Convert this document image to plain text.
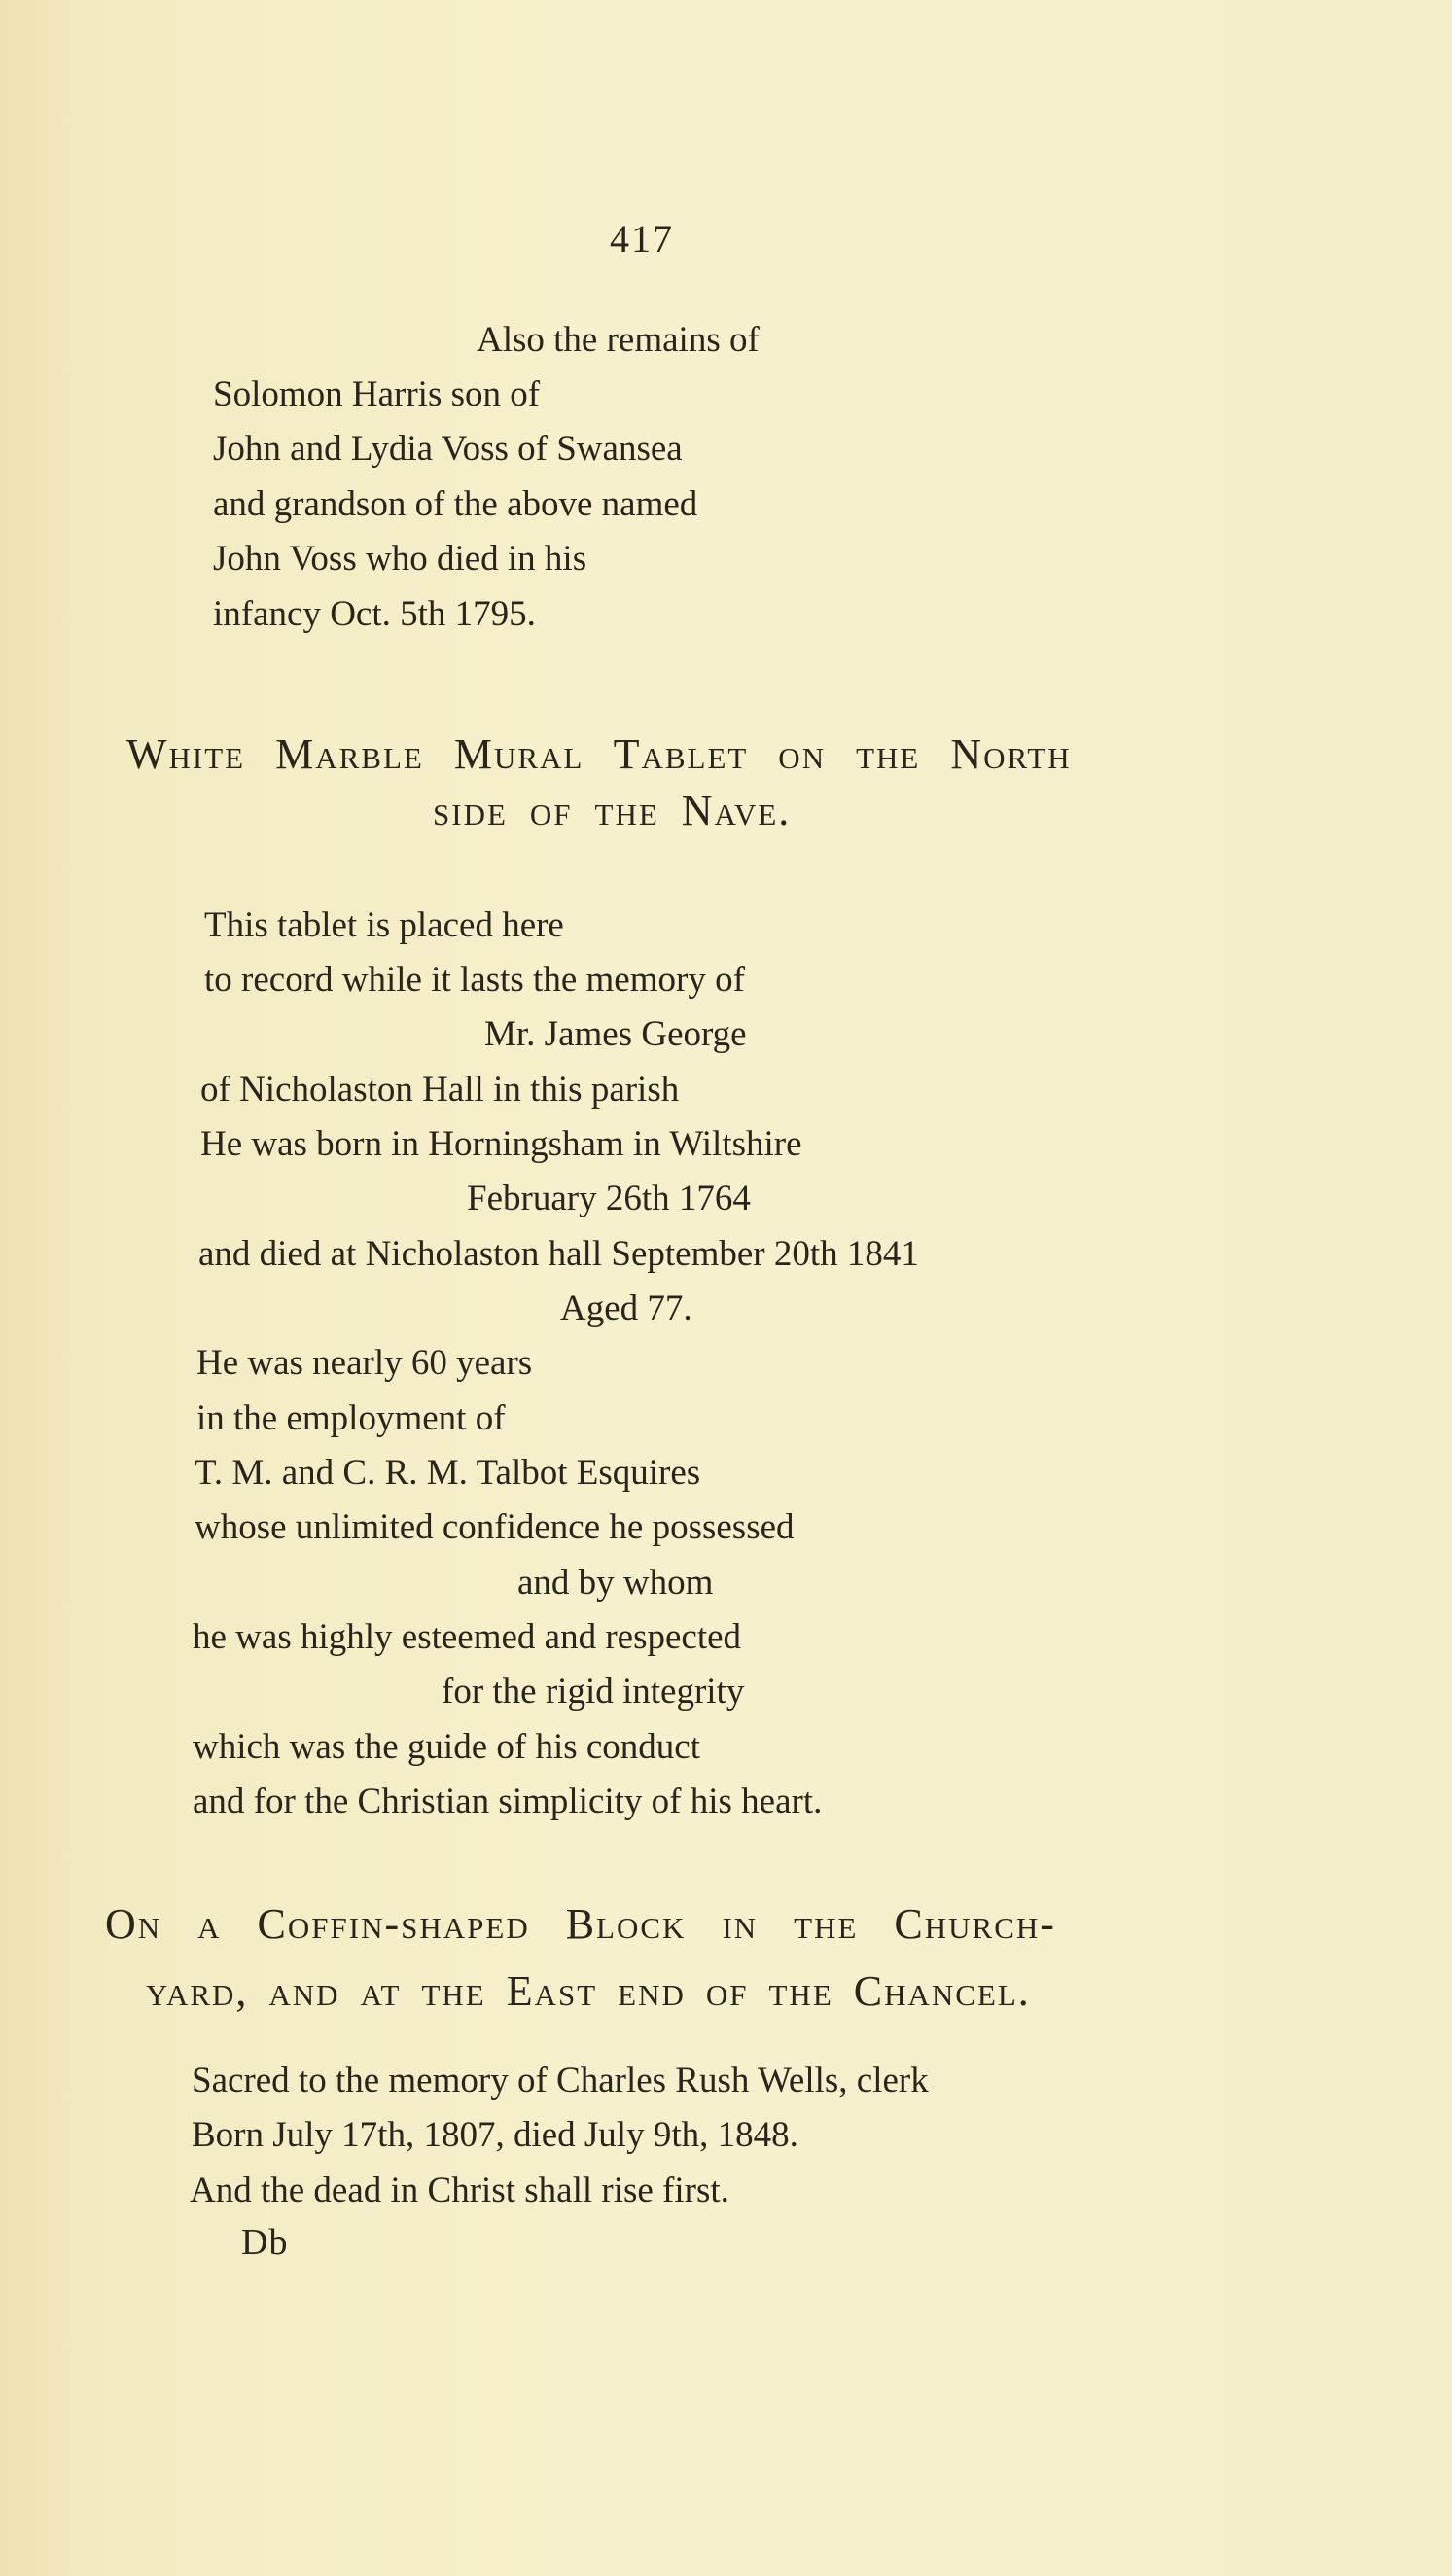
417
Also the remains of
Solomon Harris son of
John and Lydia Voss of Swansea
and grandson of the above named
John Voss who died in his
infancy Oct. 5th 1795.
White Marble Mural Tablet on the North
side of the Nave.
This tablet is placed here
to record while it lasts the memory of
Mr. James George
of Nicholaston Hall in this parish
He was born in Horningsham in Wiltshire
February 26th 1764
and died at Nicholaston hall September 20th 1841
Aged 77.
He was nearly 60 years
in the employment of
T. M. and C. R. M. Talbot Esquires
whose unlimited confidence he possessed
and by whom
he was highly esteemed and respected
for the rigid integrity
which was the guide of his conduct
and for the Christian simplicity of his heart.
On a Coffin-shaped Block in the Church-
yard, and at the East end of the Chancel.
Sacred to the memory of Charles Rush Wells, clerk
Born July 17th, 1807, died July 9th, 1848.
And the dead in Christ shall rise first.
Db
